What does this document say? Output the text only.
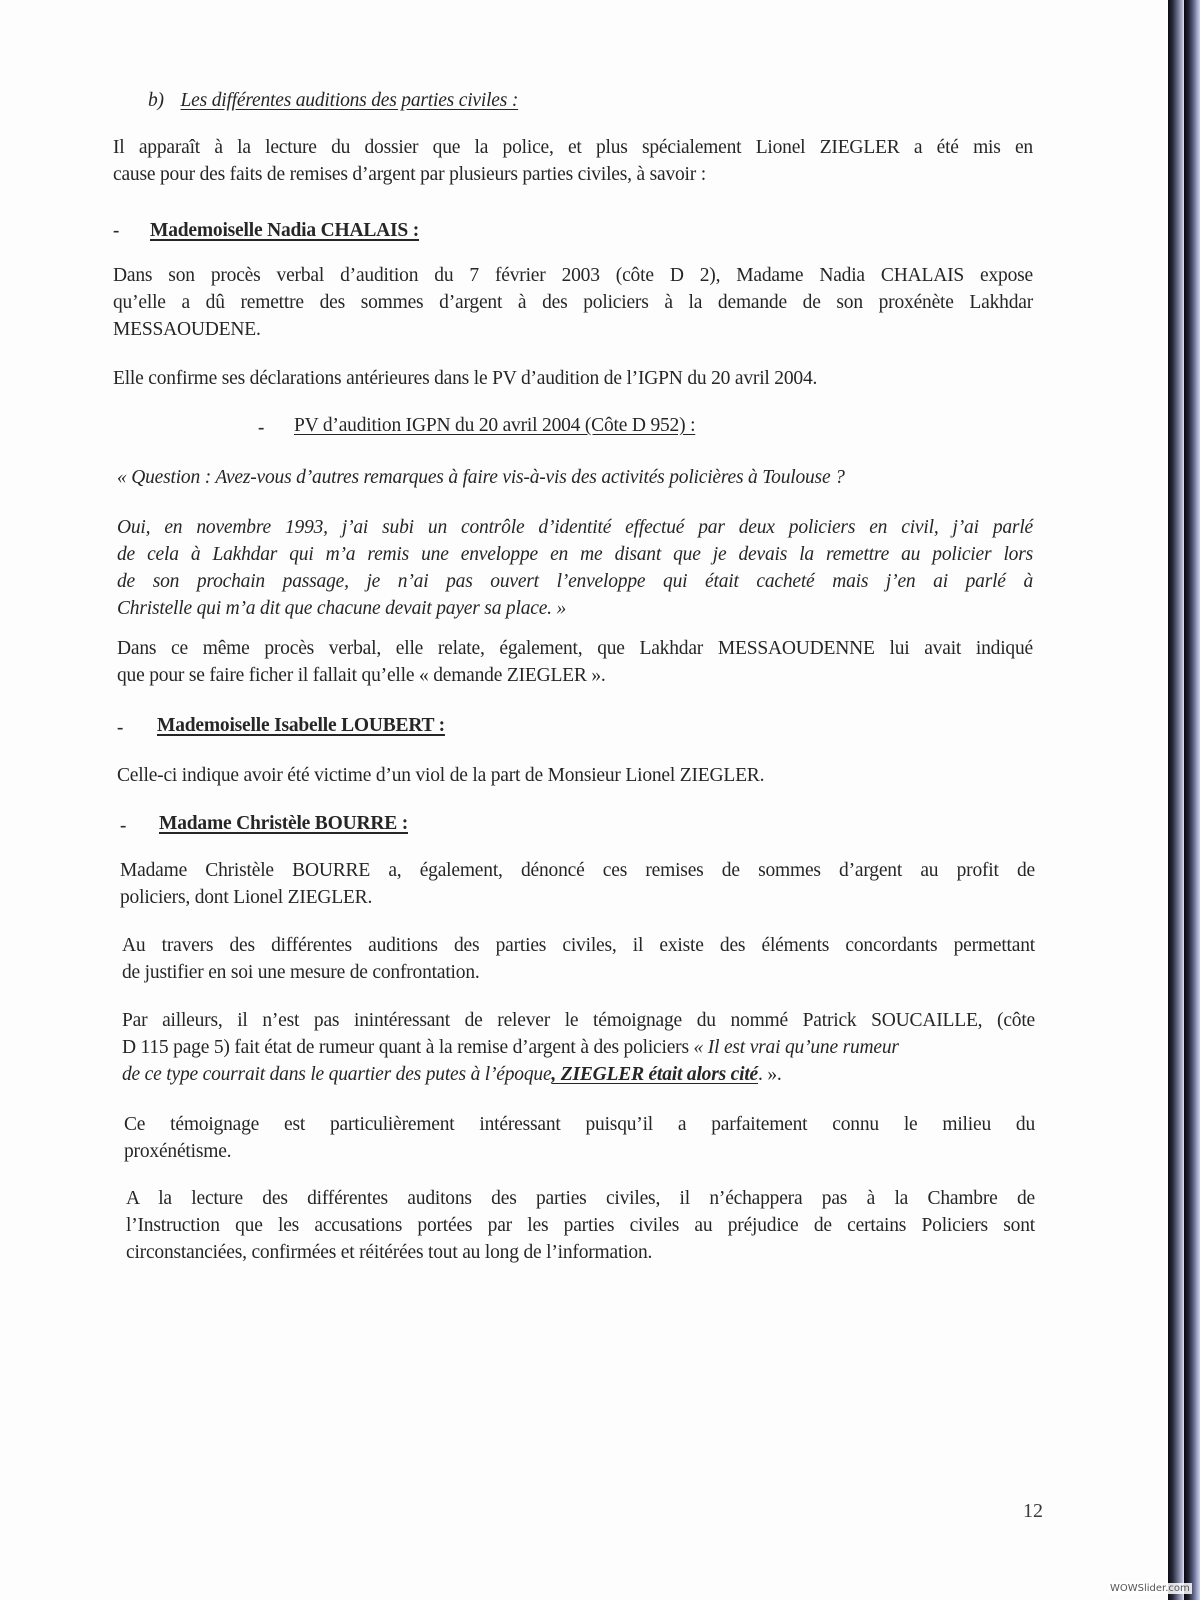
b) Les différentes auditions des parties civiles :
Il apparaît à la lecture du dossier que la police, et plus spécialement Lionel ZIEGLER a été mis en
cause pour des faits de remises d’argent par plusieurs parties civiles, à savoir :
- Mademoiselle Nadia CHALAIS :
Dans son procès verbal d’audition du 7 février 2003 (côte D 2), Madame Nadia CHALAIS expose
qu’elle a dû remettre des sommes d’argent à des policiers à la demande de son proxénète Lakhdar
MESSAOUDENE.
Elle confirme ses déclarations antérieures dans le PV d’audition de l’IGPN du 20 avril 2004.
- PV d’audition IGPN du 20 avril 2004 (Côte D 952) :
« Question : Avez-vous d’autres remarques à faire vis-à-vis des activités policières à Toulouse ?
Oui, en novembre 1993, j’ai subi un contrôle d’identité effectué par deux policiers en civil, j’ai parlé
de cela à Lakhdar qui m’a remis une enveloppe en me disant que je devais la remettre au policier lors
de son prochain passage, je n’ai pas ouvert l’enveloppe qui était cacheté mais j’en ai parlé à
Christelle qui m’a dit que chacune devait payer sa place. »
Dans ce même procès verbal, elle relate, également, que Lakhdar MESSAOUDENNE lui avait indiqué
que pour se faire ficher il fallait qu’elle « demande ZIEGLER ».
- Mademoiselle Isabelle LOUBERT :
Celle-ci indique avoir été victime d’un viol de la part de Monsieur Lionel ZIEGLER.
- Madame Christèle BOURRE :
Madame Christèle BOURRE a, également, dénoncé ces remises de sommes d’argent au profit de
policiers, dont Lionel ZIEGLER.
Au travers des différentes auditions des parties civiles, il existe des éléments concordants permettant
de justifier en soi une mesure de confrontation.
Par ailleurs, il n’est pas inintéressant de relever le témoignage du nommé Patrick SOUCAILLE, (côte
D 115 page 5) fait état de rumeur quant à la remise d’argent à des policiers « Il est vrai qu’une rumeur
de ce type courrait dans le quartier des putes à l’époque, ZIEGLER était alors cité. ».
Ce témoignage est particulièrement intéressant puisqu’il a parfaitement connu le milieu du
proxénétisme.
A la lecture des différentes auditons des parties civiles, il n’échappera pas à la Chambre de
l’Instruction que les accusations portées par les parties civiles au préjudice de certains Policiers sont
circonstanciées, confirmées et réitérées tout au long de l’information.
12
WOWSlider.com
